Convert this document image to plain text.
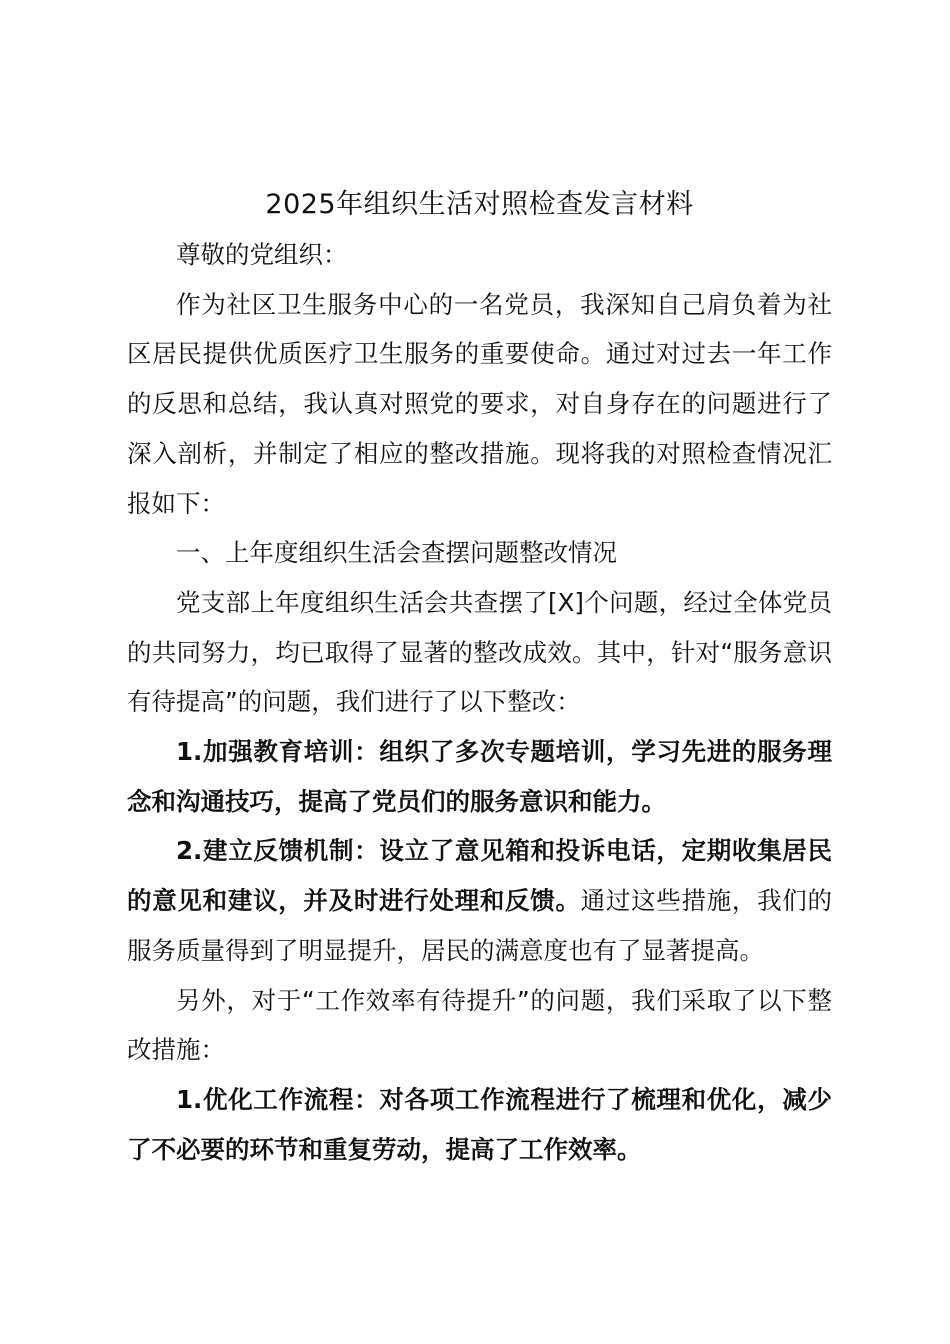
2025年组织生活对照检查发言材料

尊敬的党组织：

作为社区卫生服务中心的一名党员，我深知自己肩负着为社区居民提供优质医疗卫生服务的重要使命。通过对过去一年工作的反思和总结，我认真对照党的要求，对自身存在的问题进行了深入剖析，并制定了相应的整改措施。现将我的对照检查情况汇报如下：

一、上年度组织生活会查摆问题整改情况

党支部上年度组织生活会共查摆了[X]个问题，经过全体党员的共同努力，均已取得了显著的整改成效。其中，针对“服务意识有待提高”的问题，我们进行了以下整改：

1.加强教育培训：组织了多次专题培训，学习先进的服务理念和沟通技巧，提高了党员们的服务意识和能力。

2.建立反馈机制：设立了意见箱和投诉电话，定期收集居民的意见和建议，并及时进行处理和反馈。通过这些措施，我们的服务质量得到了明显提升，居民的满意度也有了显著提高。

另外，对于“工作效率有待提升”的问题，我们采取了以下整改措施：

1.优化工作流程：对各项工作流程进行了梳理和优化，减少了不必要的环节和重复劳动，提高了工作效率。
